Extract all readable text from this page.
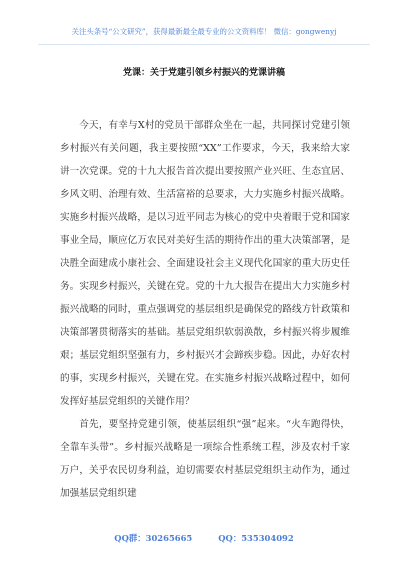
关注头条号“公文研究”，获得最新最全最专业的公文资料库！ 微信：gongwenyj
党课：关于党建引领乡村振兴的党课讲稿

今天，有幸与X村的党员干部群众坐在一起，共同探讨党建引领乡村振兴有关问题，我主要按照“XX”工作要求，今天，我来给大家讲一次党课。党的十九大报告首次提出要按照产业兴旺、生态宜居、乡风文明、治理有效、生活富裕的总要求，大力实施乡村振兴战略。实施乡村振兴战略，是以习近平同志为核心的党中央着眼于党和国家事业全局，顺应亿万农民对美好生活的期待作出的重大决策部署，是决胜全面建成小康社会、全面建设社会主义现代化国家的重大历史任务。实现乡村振兴，关键在党。党的十九大报告在提出大力实施乡村振兴战略的同时，重点强调党的基层组织是确保党的路线方针政策和决策部署贯彻落实的基础。基层党组织软弱涣散，乡村振兴将步履维艰；基层党组织坚强有力，乡村振兴才会蹄疾步稳。因此，办好农村的事，实现乡村振兴，关键在党。在实施乡村振兴战略过程中，如何发挥好基层党组织的关键作用？

首先，要坚持党建引领，使基层组织“强”起来。“火车跑得快，全靠车头带”。乡村振兴战略是一项综合性系统工程，涉及农村千家万户，关乎农民切身利益，迫切需要农村基层党组织主动作为，通过加强基层党组织建

QQ群：30265665	QQ：535304092
